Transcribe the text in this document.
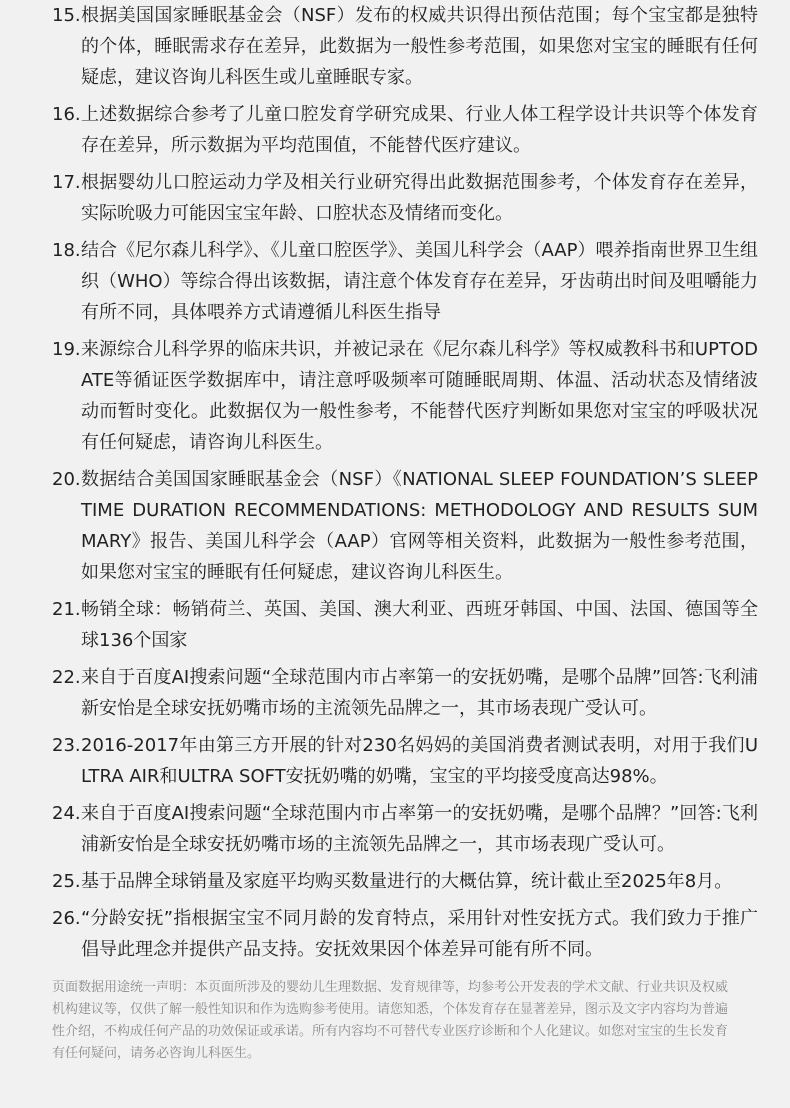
15. 根据美国国家睡眠基金会（NSF）发布的权威共识得出预估范围；每个宝宝都是独特的个体，睡眠需求存在差异，此数据为一般性参考范围，如果您对宝宝的睡眠有任何疑虑，建议咨询儿科医生或儿童睡眠专家。
16. 上述数据综合参考了儿童口腔发育学研究成果、行业人体工程学设计共识等个体发育存在差异，所示数据为平均范围值，不能替代医疗建议。
17. 根据婴幼儿口腔运动力学及相关行业研究得出此数据范围参考，个体发育存在差异，实际吮吸力可能因宝宝年龄、口腔状态及情绪而变化。
18. 结合《尼尔森儿科学》、《儿童口腔医学》、美国儿科学会（AAP）喂养指南世界卫生组织（WHO）等综合得出该数据，请注意个体发育存在差异，牙齿萌出时间及咀嚼能力有所不同，具体喂养方式请遵循儿科医生指导
19. 来源综合儿科学界的临床共识，并被记录在《尼尔森儿科学》等权威教科书和UPTODATE等循证医学数据库中，请注意呼吸频率可随睡眠周期、体温、活动状态及情绪波动而暂时变化。此数据仅为一般性参考，不能替代医疗判断如果您对宝宝的呼吸状况有任何疑虑，请咨询儿科医生。
20. 数据结合美国国家睡眠基金会（NSF）《NATIONAL SLEEP FOUNDATION’S SLEEP TIME DURATION RECOMMENDATIONS: METHODOLOGY AND RESULTS SUMMARY》报告、美国儿科学会（AAP）官网等相关资料，此数据为一般性参考范围，如果您对宝宝的睡眠有任何疑虑，建议咨询儿科医生。
21. 畅销全球：畅销荷兰、英国、美国、澳大利亚、西班牙韩国、中国、法国、德国等全球136个国家
22. 来自于百度AI搜索问题“全球范围内市占率第一的安抚奶嘴，是哪个品牌”回答:飞利浦新安怡是全球安抚奶嘴市场的主流领先品牌之一，其市场表现广受认可。
23. 2016-2017年由第三方开展的针对230名妈妈的美国消费者测试表明，对用于我们ULTRA AIR和ULTRA SOFT安抚奶嘴的奶嘴，宝宝的平均接受度高达98%。
24. 来自于百度AI搜索问题“全球范围内市占率第一的安抚奶嘴，是哪个品牌？”回答:飞利浦新安怡是全球安抚奶嘴市场的主流领先品牌之一，其市场表现广受认可。
25. 基于品牌全球销量及家庭平均购买数量进行的大概估算，统计截止至2025年8月。
26. “分龄安抚”指根据宝宝不同月龄的发育特点，采用针对性安抚方式。我们致力于推广倡导此理念并提供产品支持。安抚效果因个体差异可能有所不同。

页面数据用途统一声明：本页面所涉及的婴幼儿生理数据、发育规律等，均参考公开发表的学术文献、行业共识及权威机构建议等，仅供了解一般性知识和作为选购参考使用。请您知悉，个体发育存在显著差异，图示及文字内容均为普遍性介绍，不构成任何产品的功效保证或承诺。所有内容均不可替代专业医疗诊断和个人化建议。如您对宝宝的生长发育有任何疑问，请务必咨询儿科医生。
